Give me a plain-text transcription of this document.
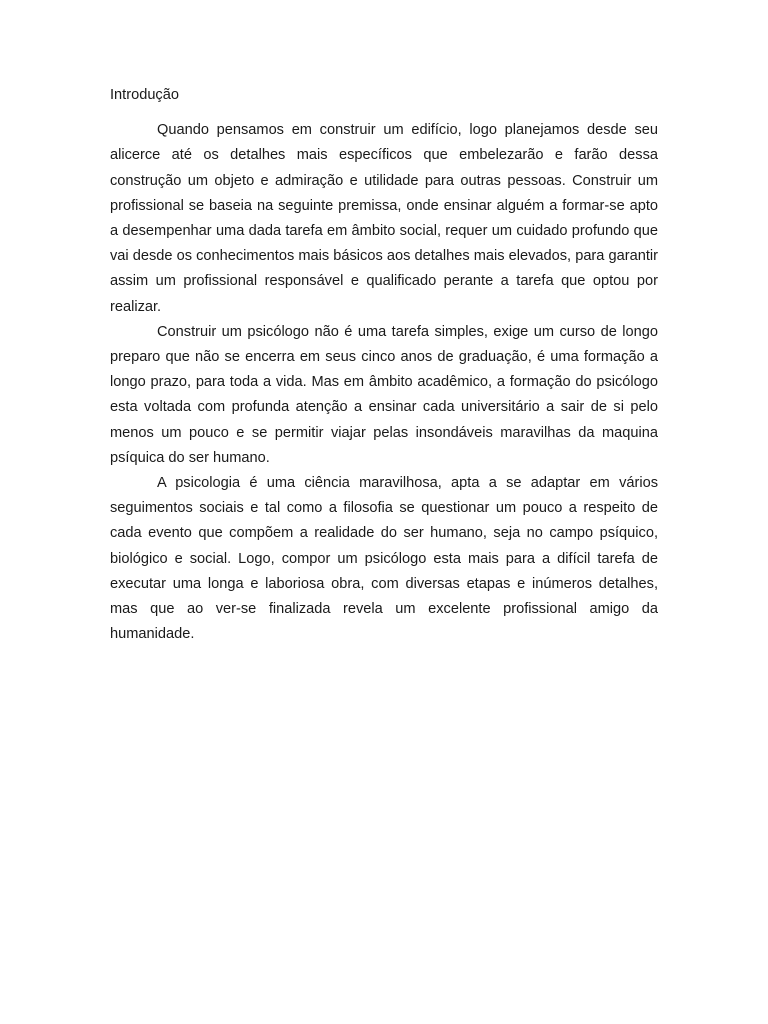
Introdução

Quando pensamos em construir um edifício, logo planejamos desde seu alicerce até os detalhes mais específicos que embelezarão e farão dessa construção um objeto e admiração e utilidade para outras pessoas. Construir um profissional se baseia na seguinte premissa, onde ensinar alguém a formar-se apto a desempenhar uma dada tarefa em âmbito social, requer um cuidado profundo que vai desde os conhecimentos mais básicos aos detalhes mais elevados, para garantir assim um profissional responsável e qualificado perante a tarefa que optou por realizar.

Construir um psicólogo não é uma tarefa simples, exige um curso de longo preparo que não se encerra em seus cinco anos de graduação, é uma formação a longo prazo, para toda a vida. Mas em âmbito acadêmico, a formação do psicólogo esta voltada com profunda atenção a ensinar cada universitário a sair de si pelo menos um pouco e se permitir viajar pelas insondáveis maravilhas da maquina psíquica do ser humano.

A psicologia é uma ciência maravilhosa, apta a se adaptar em vários seguimentos sociais e tal como a filosofia se questionar um pouco a respeito de cada evento que compõem a realidade do ser humano, seja no campo psíquico, biológico e social. Logo, compor um psicólogo esta mais para a difícil tarefa de executar uma longa e laboriosa obra, com diversas etapas e inúmeros detalhes, mas que ao ver-se finalizada revela um excelente profissional amigo da humanidade.
